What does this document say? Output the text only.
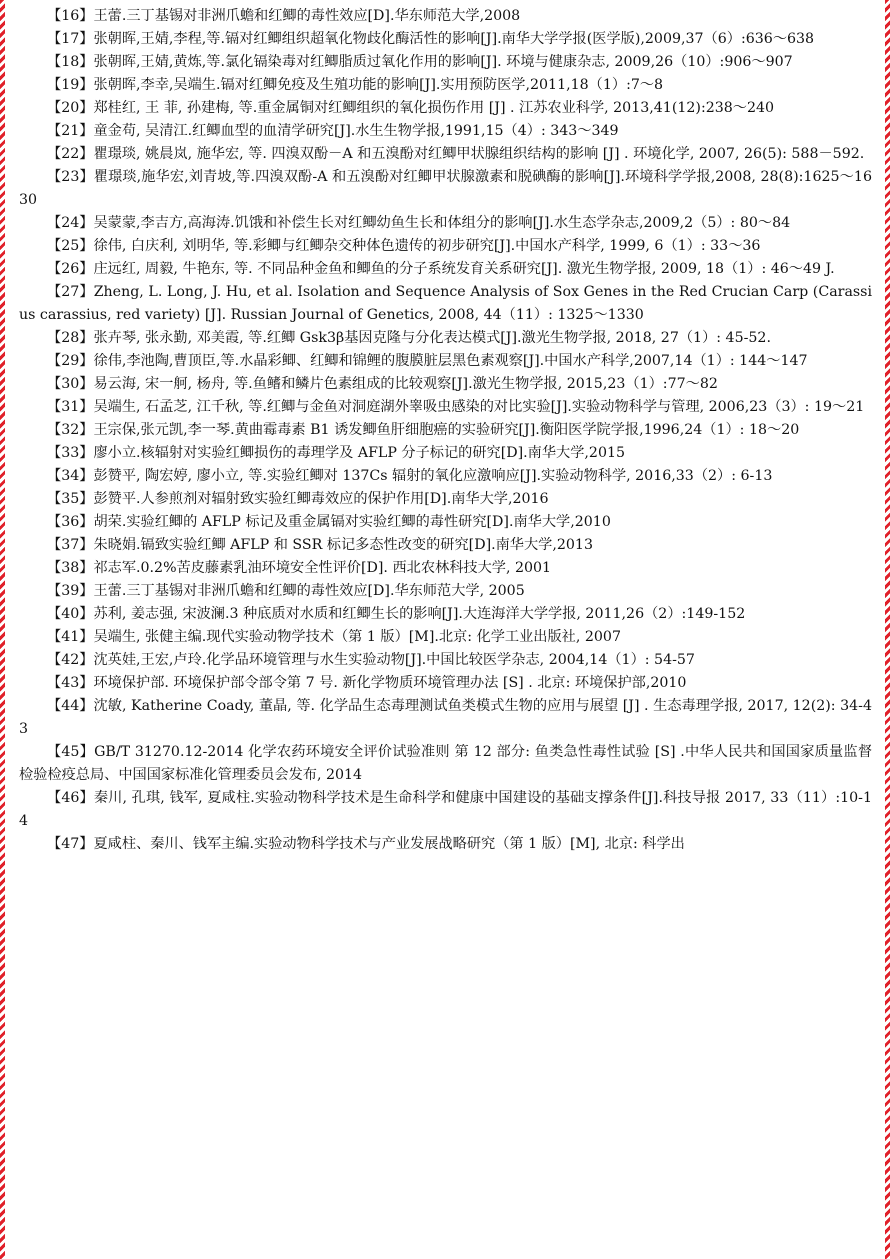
【16】王蕾.三丁基锡对非洲爪蟾和红鲫的毒性效应[D].华东师范大学,2008
【17】张朝晖,王婧,李程,等.镉对红鲫组织超氧化物歧化酶活性的影响[J].南华大学学报(医学版),2009,37（6）:636～638
【18】张朝晖,王婧,黄炼,等.氯化镉染毒对红鲫脂质过氧化作用的影响[J]. 环境与健康杂志, 2009,26（10）:906～907
【19】张朝晖,李幸,吴端生.镉对红鲫免疫及生殖功能的影响[J].实用预防医学,2011,18（1）:7～8
【20】郑桂红, 王 菲, 孙建梅, 等.重金属铜对红鲫组织的氧化损伤作用 [J] . 江苏农业科学, 2013,41(12):238～240
【21】童金苟, 吴清江.红鲫血型的血清学研究[J].水生生物学报,1991,15（4）: 343～349
【22】瞿璟琰, 姚晨岚, 施华宏, 等. 四溴双酚－A 和五溴酚对红鲫甲状腺组织结构的影响 [J] . 环境化学, 2007, 26(5): 588－592.
【23】瞿璟琰,施华宏,刘青坡,等.四溴双酚-A 和五溴酚对红鲫甲状腺激素和脱碘酶的影响[J].环境科学学报,2008, 28(8):1625～1630
【24】吴蒙蒙,李吉方,高海涛.饥饿和补偿生长对红鲫幼鱼生长和体组分的影响[J].水生态学杂志,2009,2（5）: 80～84
【25】徐伟, 白庆利, 刘明华, 等.彩鲫与红鲫杂交种体色遗传的初步研究[J].中国水产科学, 1999, 6（1）: 33～36
【26】庄远红, 周毅, 牛艳东, 等. 不同品种金鱼和鲫鱼的分子系统发育关系研究[J]. 激光生物学报, 2009, 18（1）: 46～49 J.
【27】Zheng, L. Long, J. Hu, et al. Isolation and Sequence Analysis of Sox Genes in the Red Crucian Carp (Carassius carassius, red variety) [J]. Russian Journal of Genetics, 2008, 44（11）: 1325～1330
【28】张卉琴, 张永勤, 邓美霞, 等.红鲫 Gsk3β基因克隆与分化表达模式[J].激光生物学报, 2018, 27（1）: 45-52.
【29】徐伟,李池陶,曹顶臣,等.水晶彩鲫、红鲫和锦鲤的腹膜脏层黑色素观察[J].中国水产科学,2007,14（1）: 144～147
【30】易云海, 宋一舸, 杨舟, 等.鱼鳍和鳞片色素组成的比较观察[J].激光生物学报, 2015,23（1）:77～82
【31】吴端生, 石孟芝, 江千秋, 等.红鲫与金鱼对洞庭湖外睾吸虫感染的对比实验[J].实验动物科学与管理, 2006,23（3）: 19～21
【32】王宗保,张元凯,李一琴.黄曲霉毒素 B1 诱发鲫鱼肝细胞癌的实验研究[J].衡阳医学院学报,1996,24（1）: 18～20
【33】廖小立.核辐射对实验红鲫损伤的毒理学及 AFLP 分子标记的研究[D].南华大学,2015
【34】彭赞平, 陶宏婷, 廖小立, 等.实验红鲫对 137Cs 辐射的氧化应激响应[J].实验动物科学, 2016,33（2）: 6-13
【35】彭赞平.人参煎剂对辐射致实验红鲫毒效应的保护作用[D].南华大学,2016
【36】胡荣.实验红鲫的 AFLP 标记及重金属镉对实验红鲫的毒性研究[D].南华大学,2010
【37】朱晓娟.镉致实验红鲫 AFLP 和 SSR 标记多态性改变的研究[D].南华大学,2013
【38】祁志军.0.2%苦皮藤素乳油环境安全性评价[D]. 西北农林科技大学, 2001
【39】王蕾.三丁基锡对非洲爪蟾和红鲫的毒性效应[D].华东师范大学, 2005
【40】苏利, 姜志强, 宋波澜.3 种底质对水质和红鲫生长的影响[J].大连海洋大学学报, 2011,26（2）:149-152
【41】吴端生, 张健主编.现代实验动物学技术（第 1 版）[M].北京: 化学工业出版社, 2007
【42】沈英娃,王宏,卢玲.化学品环境管理与水生实验动物[J].中国比较医学杂志, 2004,14（1）: 54-57
【43】环境保护部. 环境保护部令部令第 7 号. 新化学物质环境管理办法 [S] . 北京: 环境保护部,2010
【44】沈敏, Katherine Coady, 董晶, 等. 化学品生态毒理测试鱼类模式生物的应用与展望 [J] . 生态毒理学报, 2017, 12(2): 34-43
【45】GB/T 31270.12-2014 化学农药环境安全评价试验准则 第 12 部分: 鱼类急性毒性试验 [S] .中华人民共和国国家质量监督检验检疫总局、中国国家标准化管理委员会发布, 2014
【46】秦川, 孔琪, 钱军, 夏咸柱.实验动物科学技术是生命科学和健康中国建设的基础支撑条件[J].科技导报 2017, 33（11）:10-14
【47】夏咸柱、秦川、钱军主编.实验动物科学技术与产业发展战略研究（第 1 版）[M], 北京: 科学出
